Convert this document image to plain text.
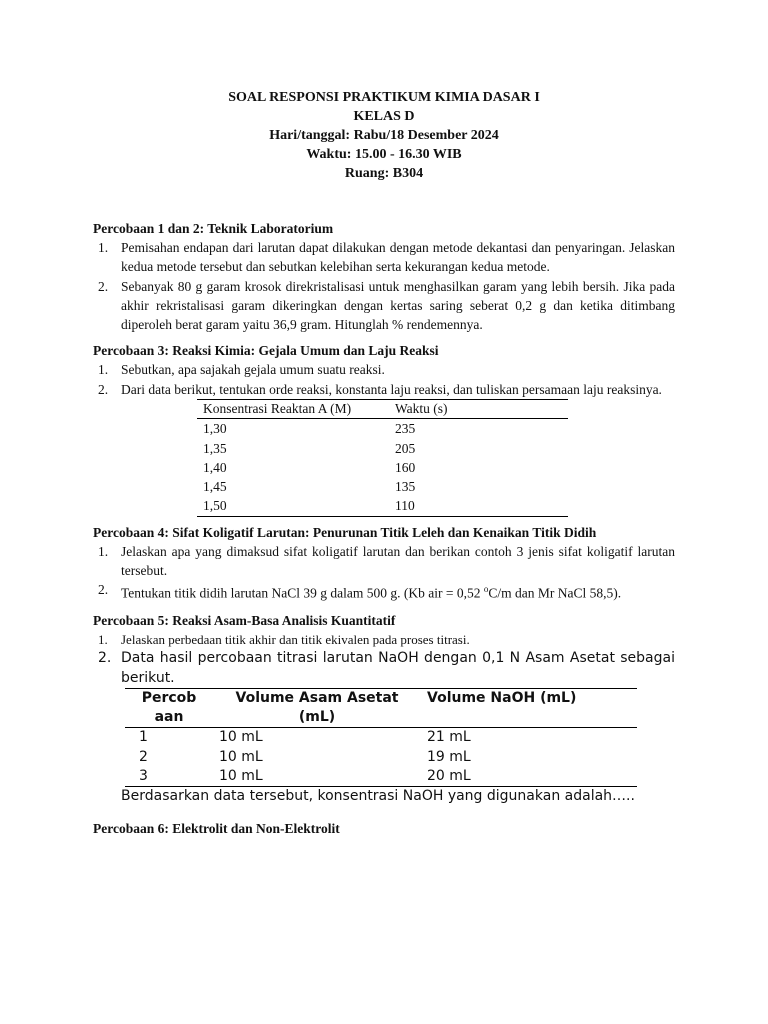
SOAL RESPONSI PRAKTIKUM KIMIA DASAR I
KELAS D
Hari/tanggal: Rabu/18 Desember 2024
Waktu: 15.00 - 16.30 WIB
Ruang: B304

Percobaan 1 dan 2: Teknik Laboratorium

1. Pemisahan endapan dari larutan dapat dilakukan dengan metode dekantasi dan penyaringan. Jelaskan kedua metode tersebut dan sebutkan kelebihan serta kekurangan kedua metode.
2. Sebanyak 80 g garam krosok direkristalisasi untuk menghasilkan garam yang lebih bersih. Jika pada akhir rekristalisasi garam dikeringkan dengan kertas saring seberat 0,2 g dan ketika ditimbang diperoleh berat garam yaitu 36,9 gram. Hitunglah % rendemennya.

Percobaan 3: Reaksi Kimia: Gejala Umum dan Laju Reaksi

1. Sebutkan, apa sajakah gejala umum suatu reaksi.
2. Dari data berikut, tentukan orde reaksi, konstanta laju reaksi, dan tuliskan persamaan laju reaksinya.
Konsentrasi Reaktan A (M)	Waktu (s)
1,30	235
1,35	205
1,40	160
1,45	135
1,50	110

Percobaan 4: Sifat Koligatif Larutan: Penurunan Titik Leleh dan Kenaikan Titik Didih

1. Jelaskan apa yang dimaksud sifat koligatif larutan dan berikan contoh 3 jenis sifat koligatif larutan tersebut.
2. Tentukan titik didih larutan NaCl 39 g dalam 500 g. (Kb air = 0,52 $^o$C/m dan Mr NaCl 58,5).

Percobaan 5: Reaksi Asam-Basa Analisis Kuantitatif

1. Jelaskan perbedaan titik akhir dan titik ekivalen pada proses titrasi.
2. Data hasil percobaan titrasi larutan NaOH dengan 0,1 N Asam Asetat sebagai berikut.
Percob aan	Volume Asam Asetat (mL)	Volume NaOH (mL)
1	10 mL	21 mL
2	10 mL	19 mL
3	10 mL	20 mL

Berdasarkan data tersebut, konsentrasi NaOH yang digunakan adalah…..

Percobaan 6: Elektrolit dan Non-Elektrolit
